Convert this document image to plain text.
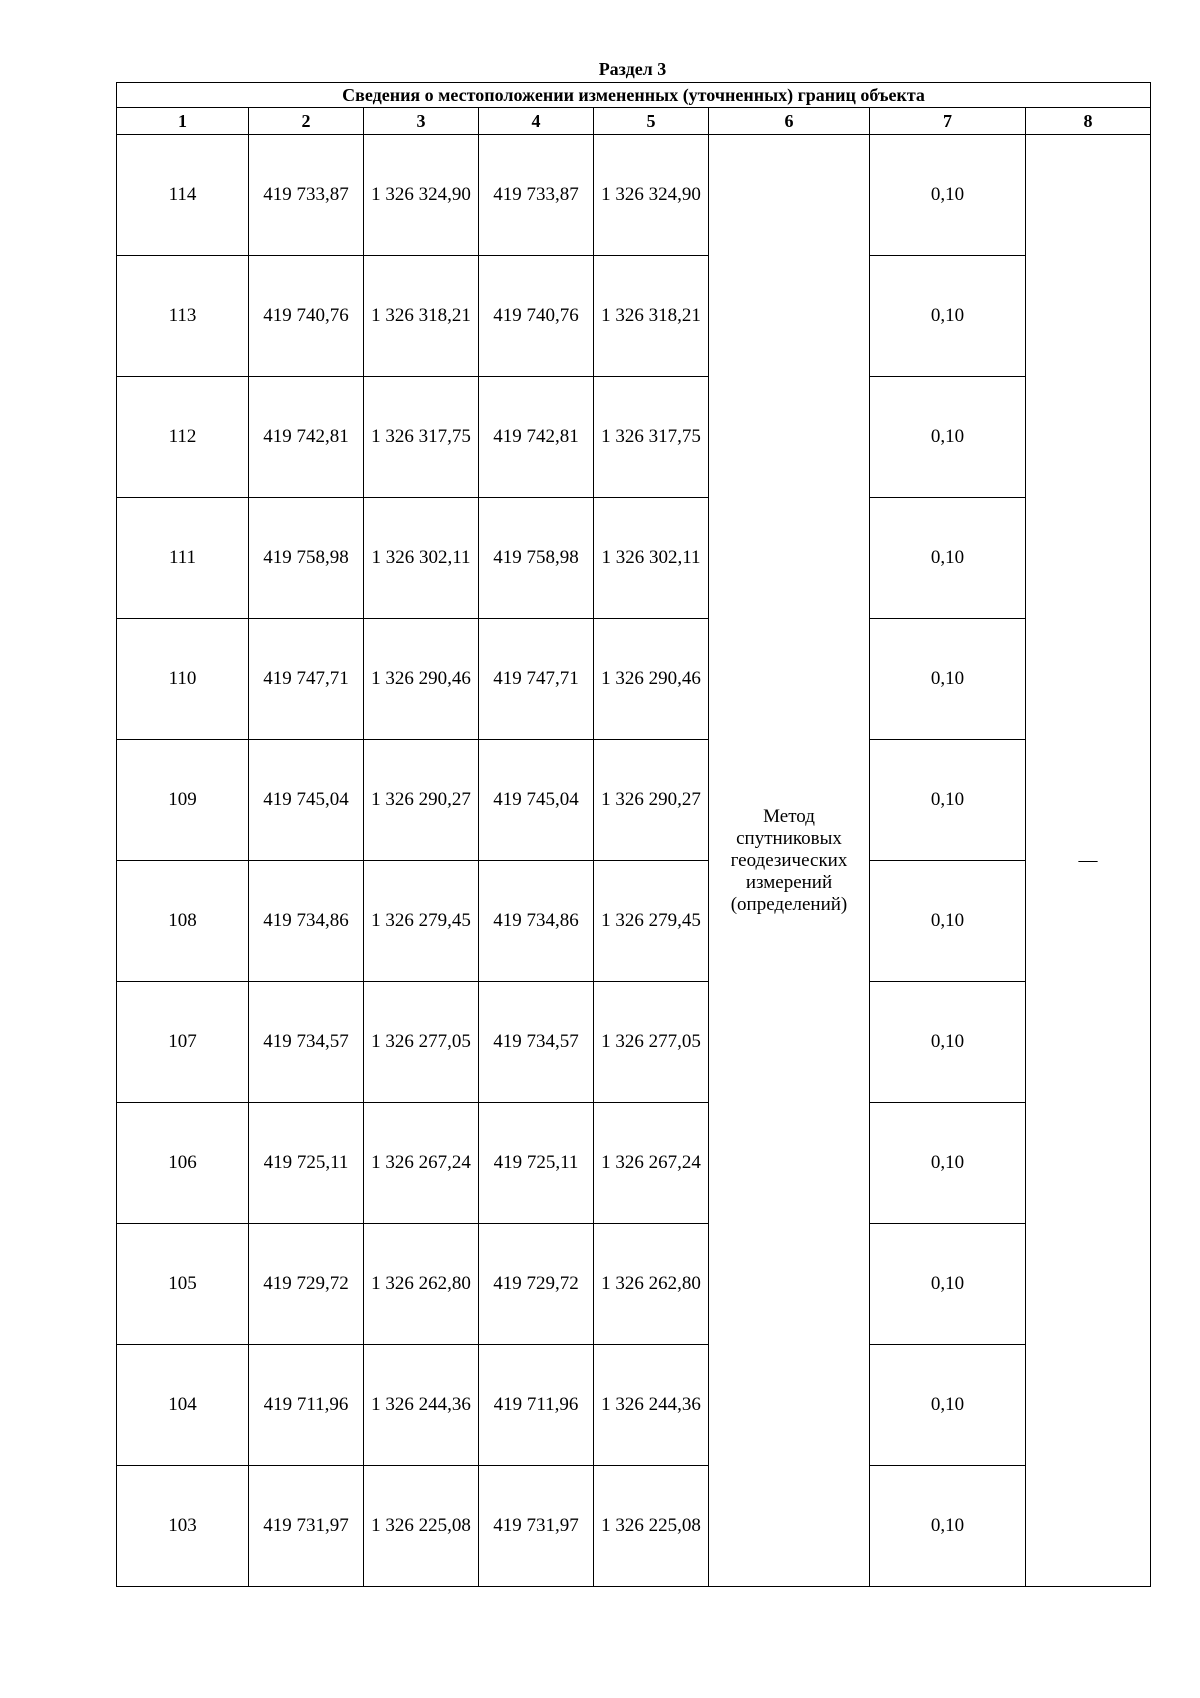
Раздел 3
Сведения о местоположении измененных (уточненных) границ объекта							
1	2	3	4	5	6	7	8
114	419 733,87	1 326 324,90	419 733,87	1 326 324,90	Метод спутниковых геодезических измерений (определений)	0,10	—
113	419 740,76	1 326 318,21	419 740,76	1 326 318,21		0,10	
112	419 742,81	1 326 317,75	419 742,81	1 326 317,75		0,10	
111	419 758,98	1 326 302,11	419 758,98	1 326 302,11		0,10	
110	419 747,71	1 326 290,46	419 747,71	1 326 290,46		0,10	
109	419 745,04	1 326 290,27	419 745,04	1 326 290,27		0,10	
108	419 734,86	1 326 279,45	419 734,86	1 326 279,45		0,10	
107	419 734,57	1 326 277,05	419 734,57	1 326 277,05		0,10	
106	419 725,11	1 326 267,24	419 725,11	1 326 267,24		0,10	
105	419 729,72	1 326 262,80	419 729,72	1 326 262,80		0,10	
104	419 711,96	1 326 244,36	419 711,96	1 326 244,36		0,10	
103	419 731,97	1 326 225,08	419 731,97	1 326 225,08		0,10	
